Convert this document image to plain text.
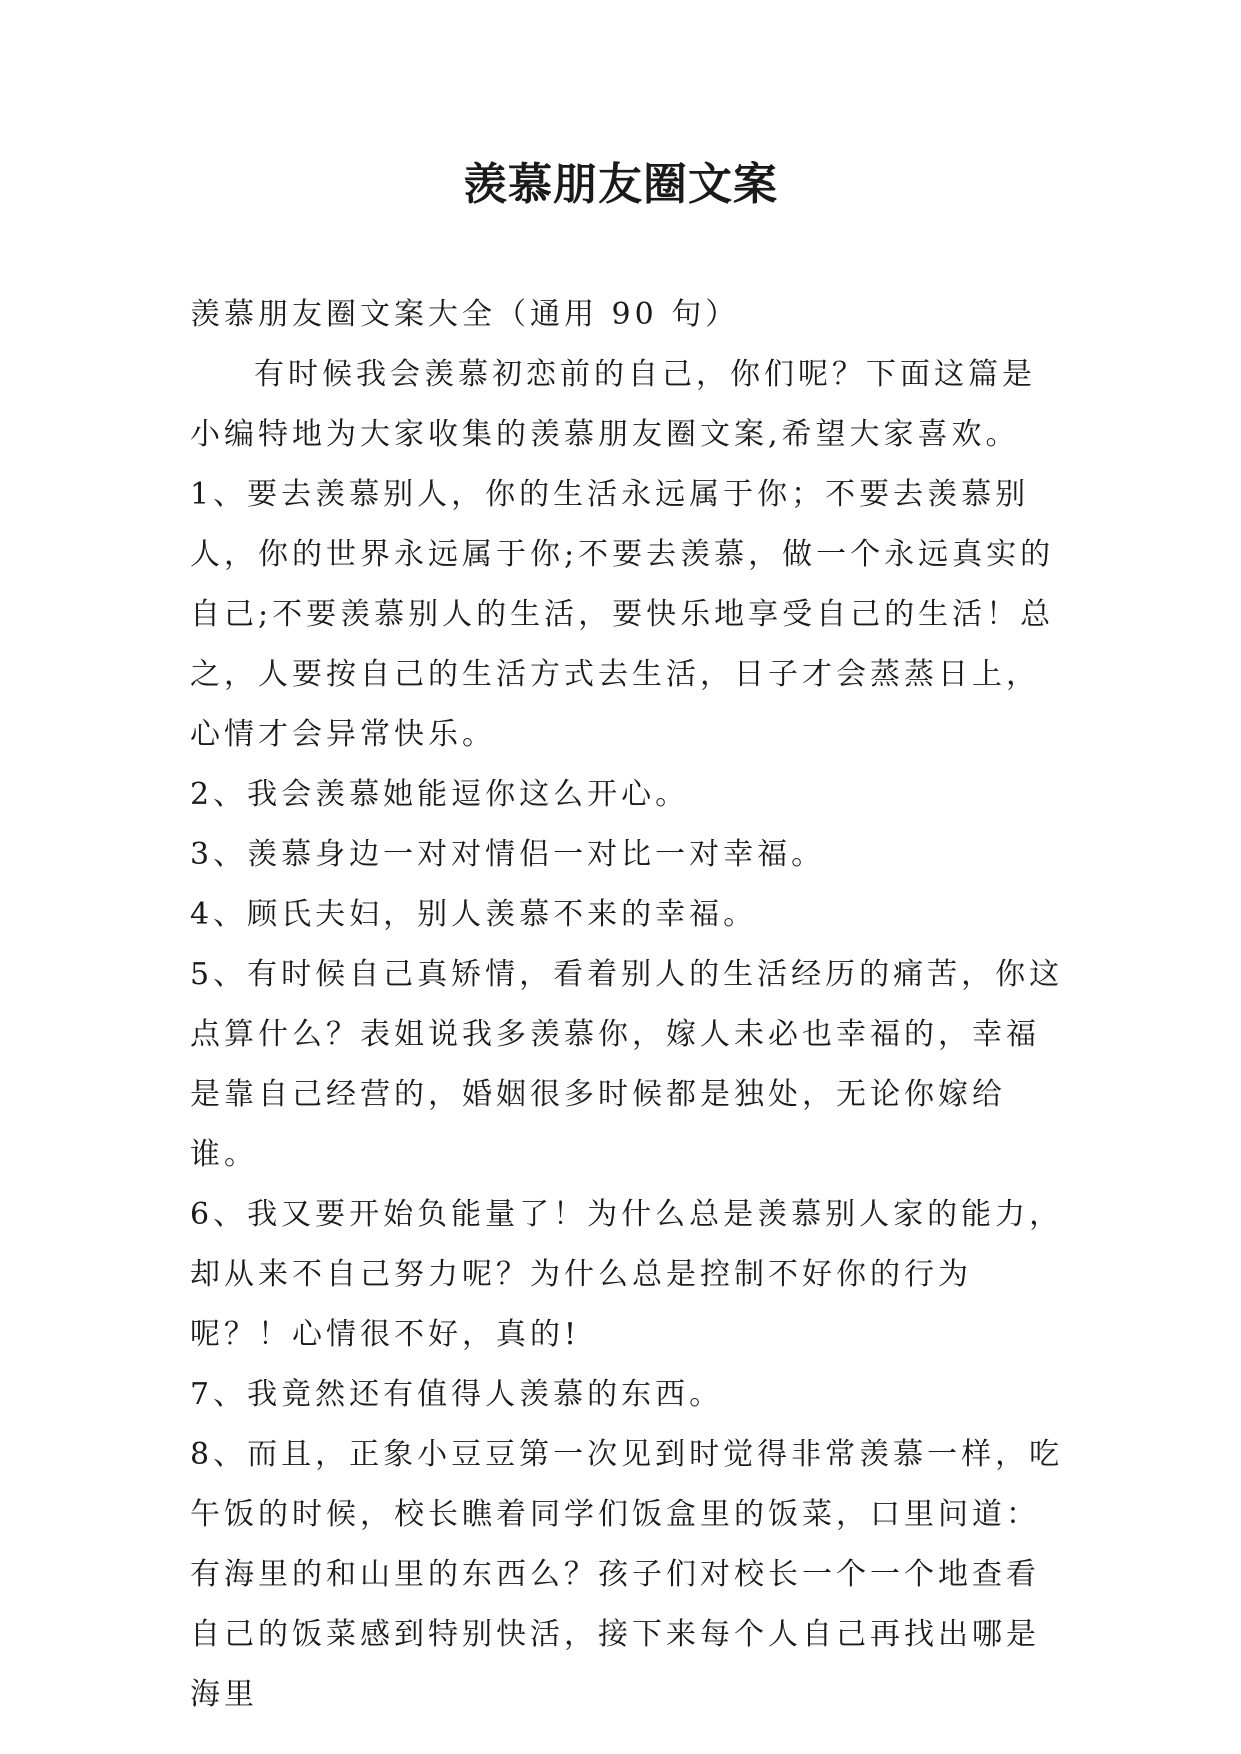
羡慕朋友圈文案

羡慕朋友圈文案大全（通用 90 句）

有时候我会羡慕初恋前的自己，你们呢？下面这篇是小编特地为大家收集的羡慕朋友圈文案,希望大家喜欢。

1、要去羡慕别人，你的生活永远属于你；不要去羡慕别人，你的世界永远属于你;不要去羡慕，做一个永远真实的自己;不要羡慕别人的生活，要快乐地享受自己的生活！总之，人要按自己的生活方式去生活，日子才会蒸蒸日上，心情才会异常快乐。

2、我会羡慕她能逗你这么开心。

3、羡慕身边一对对情侣一对比一对幸福。

4、顾氏夫妇，别人羡慕不来的幸福。

5、有时候自己真矫情，看着别人的生活经历的痛苦，你这点算什么？表姐说我多羡慕你，嫁人未必也幸福的，幸福是靠自己经营的，婚姻很多时候都是独处，无论你嫁给谁。

6、我又要开始负能量了！为什么总是羡慕别人家的能力，却从来不自己努力呢？为什么总是控制不好你的行为呢？！心情很不好，真的!

7、我竟然还有值得人羡慕的东西。

8、而且，正象小豆豆第一次见到时觉得非常羡慕一样，吃午饭的时候，校长瞧着同学们饭盒里的饭菜，口里问道：有海里的和山里的东西么？孩子们对校长一个一个地查看自己的饭菜感到特别快活，接下来每个人自己再找出哪是海里
